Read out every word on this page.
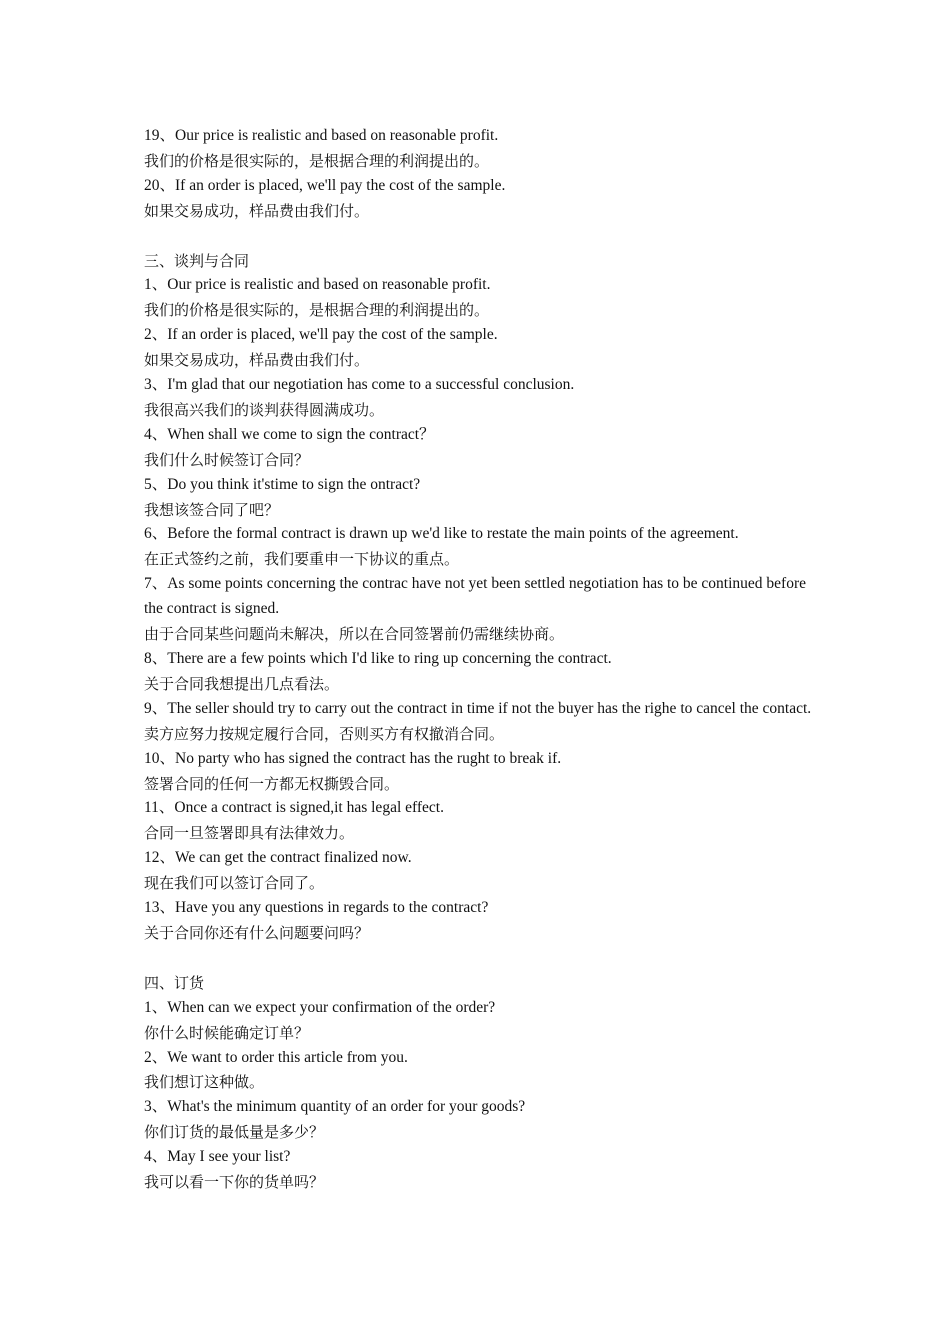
19、Our price is realistic and based on reasonable profit.

我们的价格是很实际的，是根据合理的利润提出的。

20、If an order is placed, we'll pay the cost of the sample.

如果交易成功，样品费由我们付。

三、谈判与合同

1、Our price is realistic and based on reasonable profit.

我们的价格是很实际的，是根据合理的利润提出的。

2、If an order is placed, we'll pay the cost of the sample.

如果交易成功，样品费由我们付。

3、I'm glad that our negotiation has come to a successful conclusion.

我很高兴我们的谈判获得圆满成功。

4、When shall we come to sign the contract？

我们什么时候签订合同？

5、Do you think it'stime to sign the ontract?

我想该签合同了吧？

6、Before the formal contract is drawn up we'd like to restate the main points of the agreement.

在正式签约之前，我们要重申一下协议的重点。

7、As some points concerning the contrac have not yet been settled negotiation has to be continued before the contract is signed.

由于合同某些问题尚未解决，所以在合同签署前仍需继续协商。

8、There are a few points which I'd like to ring up concerning the contract.

关于合同我想提出几点看法。

9、The seller should try to carry out the contract in time if not the buyer has the righe to cancel the contact.

卖方应努力按规定履行合同，否则买方有权撤消合同。

10、No party who has signed the contract has the rught to break if.

签署合同的任何一方都无权撕毁合同。

11、Once a contract is signed,it has legal effect.

合同一旦签署即具有法律效力。

12、We can get the contract finalized now.

现在我们可以签订合同了。

13、Have you any questions in regards to the contract?

关于合同你还有什么问题要问吗？

四、订货

1、When can we expect your confirmation of the order?

你什么时候能确定订单？

2、We want to order this article from you.

我们想订这种做。

3、What's the minimum quantity of an order for your goods?

你们订货的最低量是多少？

4、May I see your list?

我可以看一下你的货单吗？
